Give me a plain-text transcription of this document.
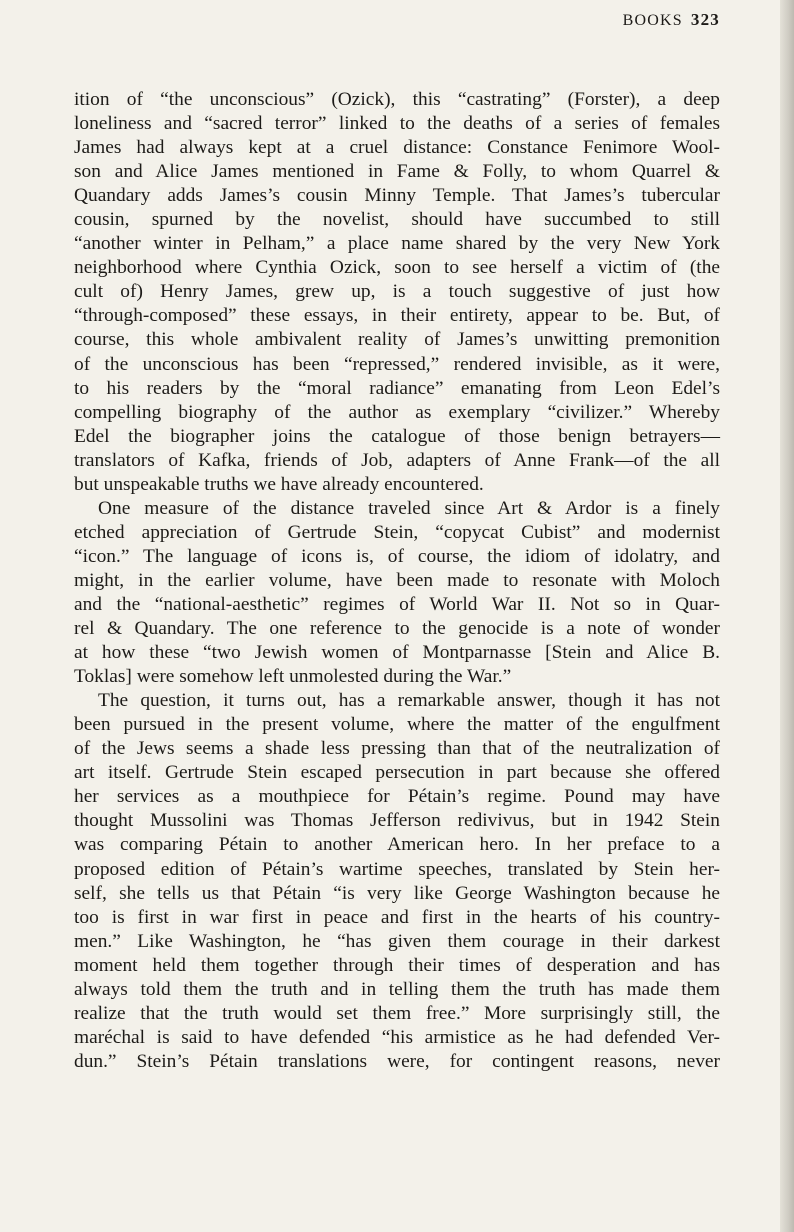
BOOKS 323
ition of “the unconscious” (Ozick), this “castrating” (Forster), a deep
loneliness and “sacred terror” linked to the deaths of a series of females
James had always kept at a cruel distance: Constance Fenimore Wool-
son and Alice James mentioned in Fame & Folly, to whom Quarrel &
Quandary adds James’s cousin Minny Temple. That James’s tubercular
cousin, spurned by the novelist, should have succumbed to still
“another winter in Pelham,” a place name shared by the very New York
neighborhood where Cynthia Ozick, soon to see herself a victim of (the
cult of) Henry James, grew up, is a touch suggestive of just how
“through-composed” these essays, in their entirety, appear to be. But, of
course, this whole ambivalent reality of James’s unwitting premonition
of the unconscious has been “repressed,” rendered invisible, as it were,
to his readers by the “moral radiance” emanating from Leon Edel’s
compelling biography of the author as exemplary “civilizer.” Whereby
Edel the biographer joins the catalogue of those benign betrayers—
translators of Kafka, friends of Job, adapters of Anne Frank—of the all
but unspeakable truths we have already encountered.
One measure of the distance traveled since Art & Ardor is a finely
etched appreciation of Gertrude Stein, “copycat Cubist” and modernist
“icon.” The language of icons is, of course, the idiom of idolatry, and
might, in the earlier volume, have been made to resonate with Moloch
and the “national-aesthetic” regimes of World War II. Not so in Quar-
rel & Quandary. The one reference to the genocide is a note of wonder
at how these “two Jewish women of Montparnasse [Stein and Alice B.
Toklas] were somehow left unmolested during the War.”
The question, it turns out, has a remarkable answer, though it has not
been pursued in the present volume, where the matter of the engulfment
of the Jews seems a shade less pressing than that of the neutralization of
art itself. Gertrude Stein escaped persecution in part because she offered
her services as a mouthpiece for Pétain’s regime. Pound may have
thought Mussolini was Thomas Jefferson redivivus, but in 1942 Stein
was comparing Pétain to another American hero. In her preface to a
proposed edition of Pétain’s wartime speeches, translated by Stein her-
self, she tells us that Pétain “is very like George Washington because he
too is first in war first in peace and first in the hearts of his country-
men.” Like Washington, he “has given them courage in their darkest
moment held them together through their times of desperation and has
always told them the truth and in telling them the truth has made them
realize that the truth would set them free.” More surprisingly still, the
maréchal is said to have defended “his armistice as he had defended Ver-
dun.” Stein’s Pétain translations were, for contingent reasons, never
